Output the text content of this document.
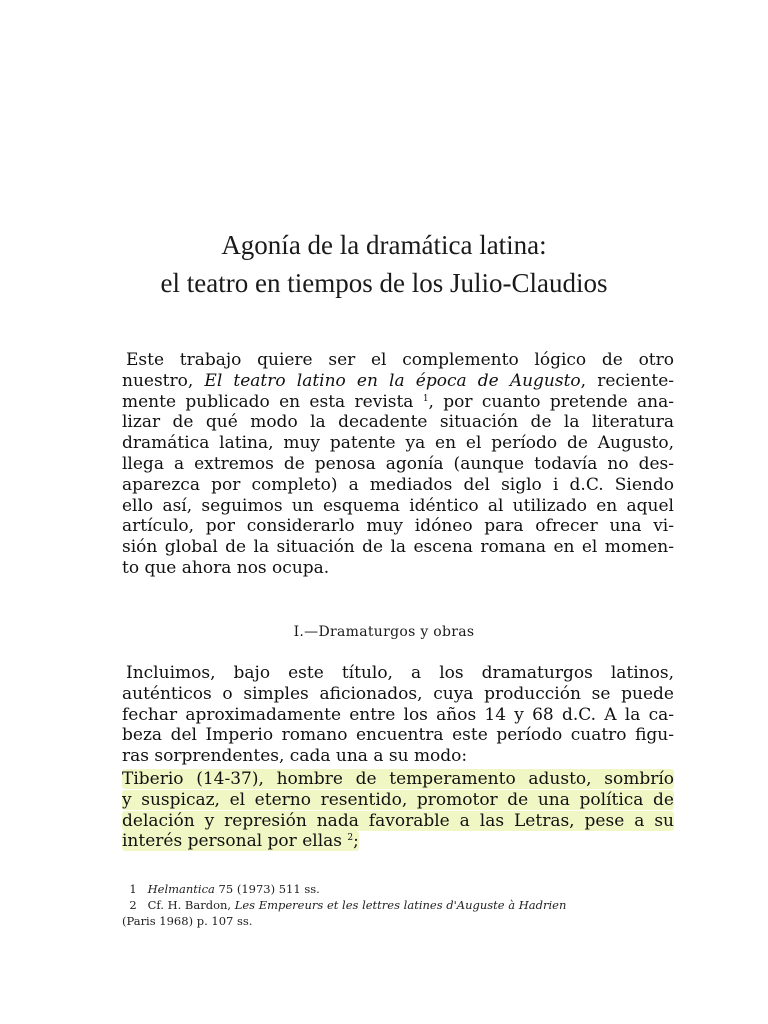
Agonía de la dramática latina:
el teatro en tiempos de los Julio-Claudios
Este trabajo quiere ser el complemento lógico de otro
nuestro, El teatro latino en la época de Augusto, reciente-
mente publicado en esta revista $^1$, por cuanto pretende ana-
lizar de qué modo la decadente situación de la literatura
dramática latina, muy patente ya en el período de Augusto,
llega a extremos de penosa agonía (aunque todavía no des-
aparezca por completo) a mediados del siglo i d.C. Siendo
ello así, seguimos un esquema idéntico al utilizado en aquel
artículo, por considerarlo muy idóneo para ofrecer una vi-
sión global de la situación de la escena romana en el momen-
to que ahora nos ocupa.
I.—Dramaturgos y obras
Incluimos, bajo este título, a los dramaturgos latinos,
auténticos o simples aficionados, cuya producción se puede
fechar aproximadamente entre los años 14 y 68 d.C. A la ca-
beza del Imperio romano encuentra este período cuatro figu-
ras sorprendentes, cada una a su modo:
Tiberio (14-37), hombre de temperamento adusto, sombrío
y suspicaz, el eterno resentido, promotor de una política de
delación y represión nada favorable a las Letras, pese a su
interés personal por ellas $^2$;
1 Helmantica 75 (1973) 511 ss.
2 Cf. H. Bardon, Les Empereurs et les lettres latines d'Auguste à Hadrien
(Paris 1968) p. 107 ss.
